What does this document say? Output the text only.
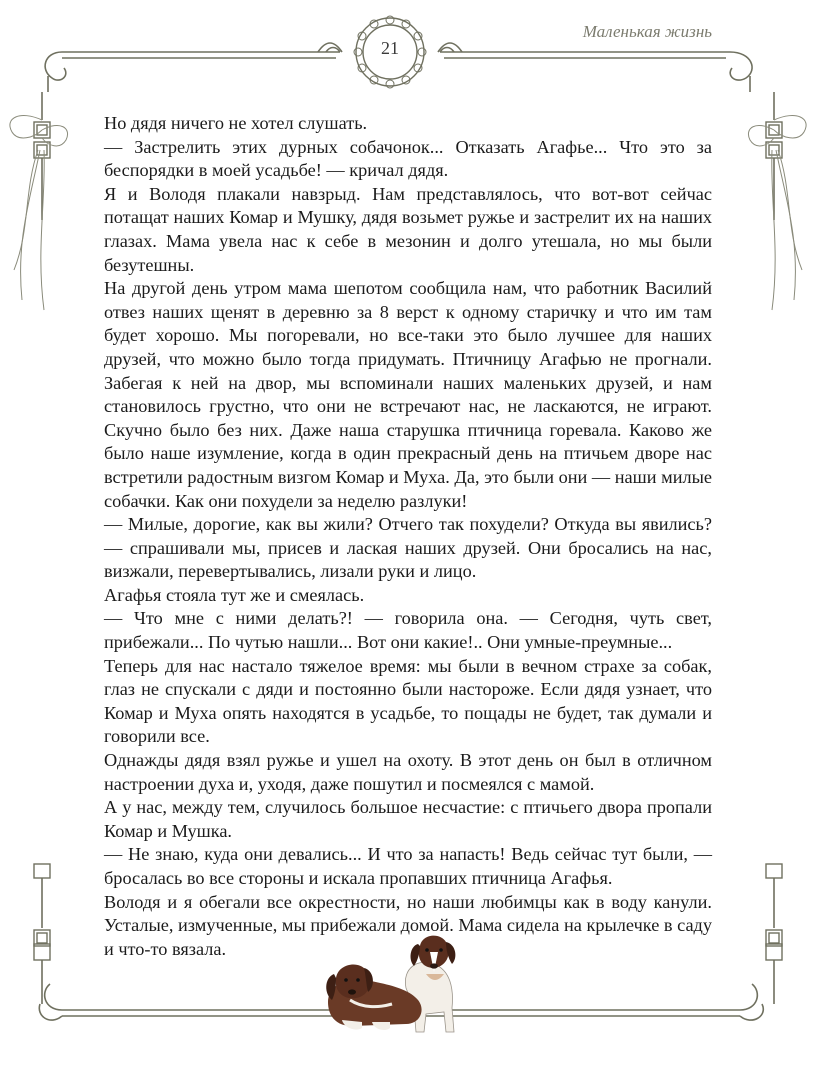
21
Маленькая жизнь

Но дядя ничего не хотел слушать.

— Застрелить этих дурных собачонок... Отказать Агафье... Что это за беспорядки в моей усадьбе! — кричал дядя.

Я и Володя плакали навзрыд. Нам представлялось, что вот-вот сейчас потащат наших Комар и Мушку, дядя возьмет ружье и застрелит их на наших глазах. Мама увела нас к себе в мезонин и долго утешала, но мы были безутешны.

На другой день утром мама шепотом сообщила нам, что работник Василий отвез наших щенят в деревню за 8 верст к одному старичку и что им там будет хорошо. Мы погоревали, но все-таки это было лучшее для наших друзей, что можно было тогда придумать. Птичницу Агафью не прогнали. Забегая к ней на двор, мы вспоминали наших маленьких друзей, и нам становилось грустно, что они не встречают нас, не ласкаются, не играют. Скучно было без них. Даже наша старушка птичница горевала. Каково же было наше изумление, когда в один прекрасный день на птичьем дворе нас встретили радостным визгом Комар и Муха. Да, это были они — наши милые собачки. Как они похудели за неделю разлуки!

— Милые, дорогие, как вы жили? Отчего так похудели? Откуда вы явились? — спрашивали мы, присев и лаская наших друзей. Они бросались на нас, визжали, перевертывались, лизали руки и лицо.

Агафья стояла тут же и смеялась.

— Что мне с ними делать?! — говорила она. — Сегодня, чуть свет, прибежали... По чутью нашли... Вот они какие!.. Они умные-преумные...

Теперь для нас настало тяжелое время: мы были в вечном страхе за собак, глаз не спускали с дяди и постоянно были настороже. Если дядя узнает, что Комар и Муха опять находятся в усадьбе, то пощады не будет, так думали и говорили все.

Однажды дядя взял ружье и ушел на охоту. В этот день он был в отличном настроении духа и, уходя, даже пошутил и посмеялся с мамой.

А у нас, между тем, случилось большое несчастие: с птичьего двора пропали Комар и Мушка.

— Не знаю, куда они девались... И что за напасть! Ведь сейчас тут были, — бросалась во все стороны и искала пропавших птичница Агафья.

Володя и я обегали все окрестности, но наши любимцы как в воду канули. Усталые, измученные, мы прибежали домой. Мама сидела на крылечке в саду и что-то вязала.
